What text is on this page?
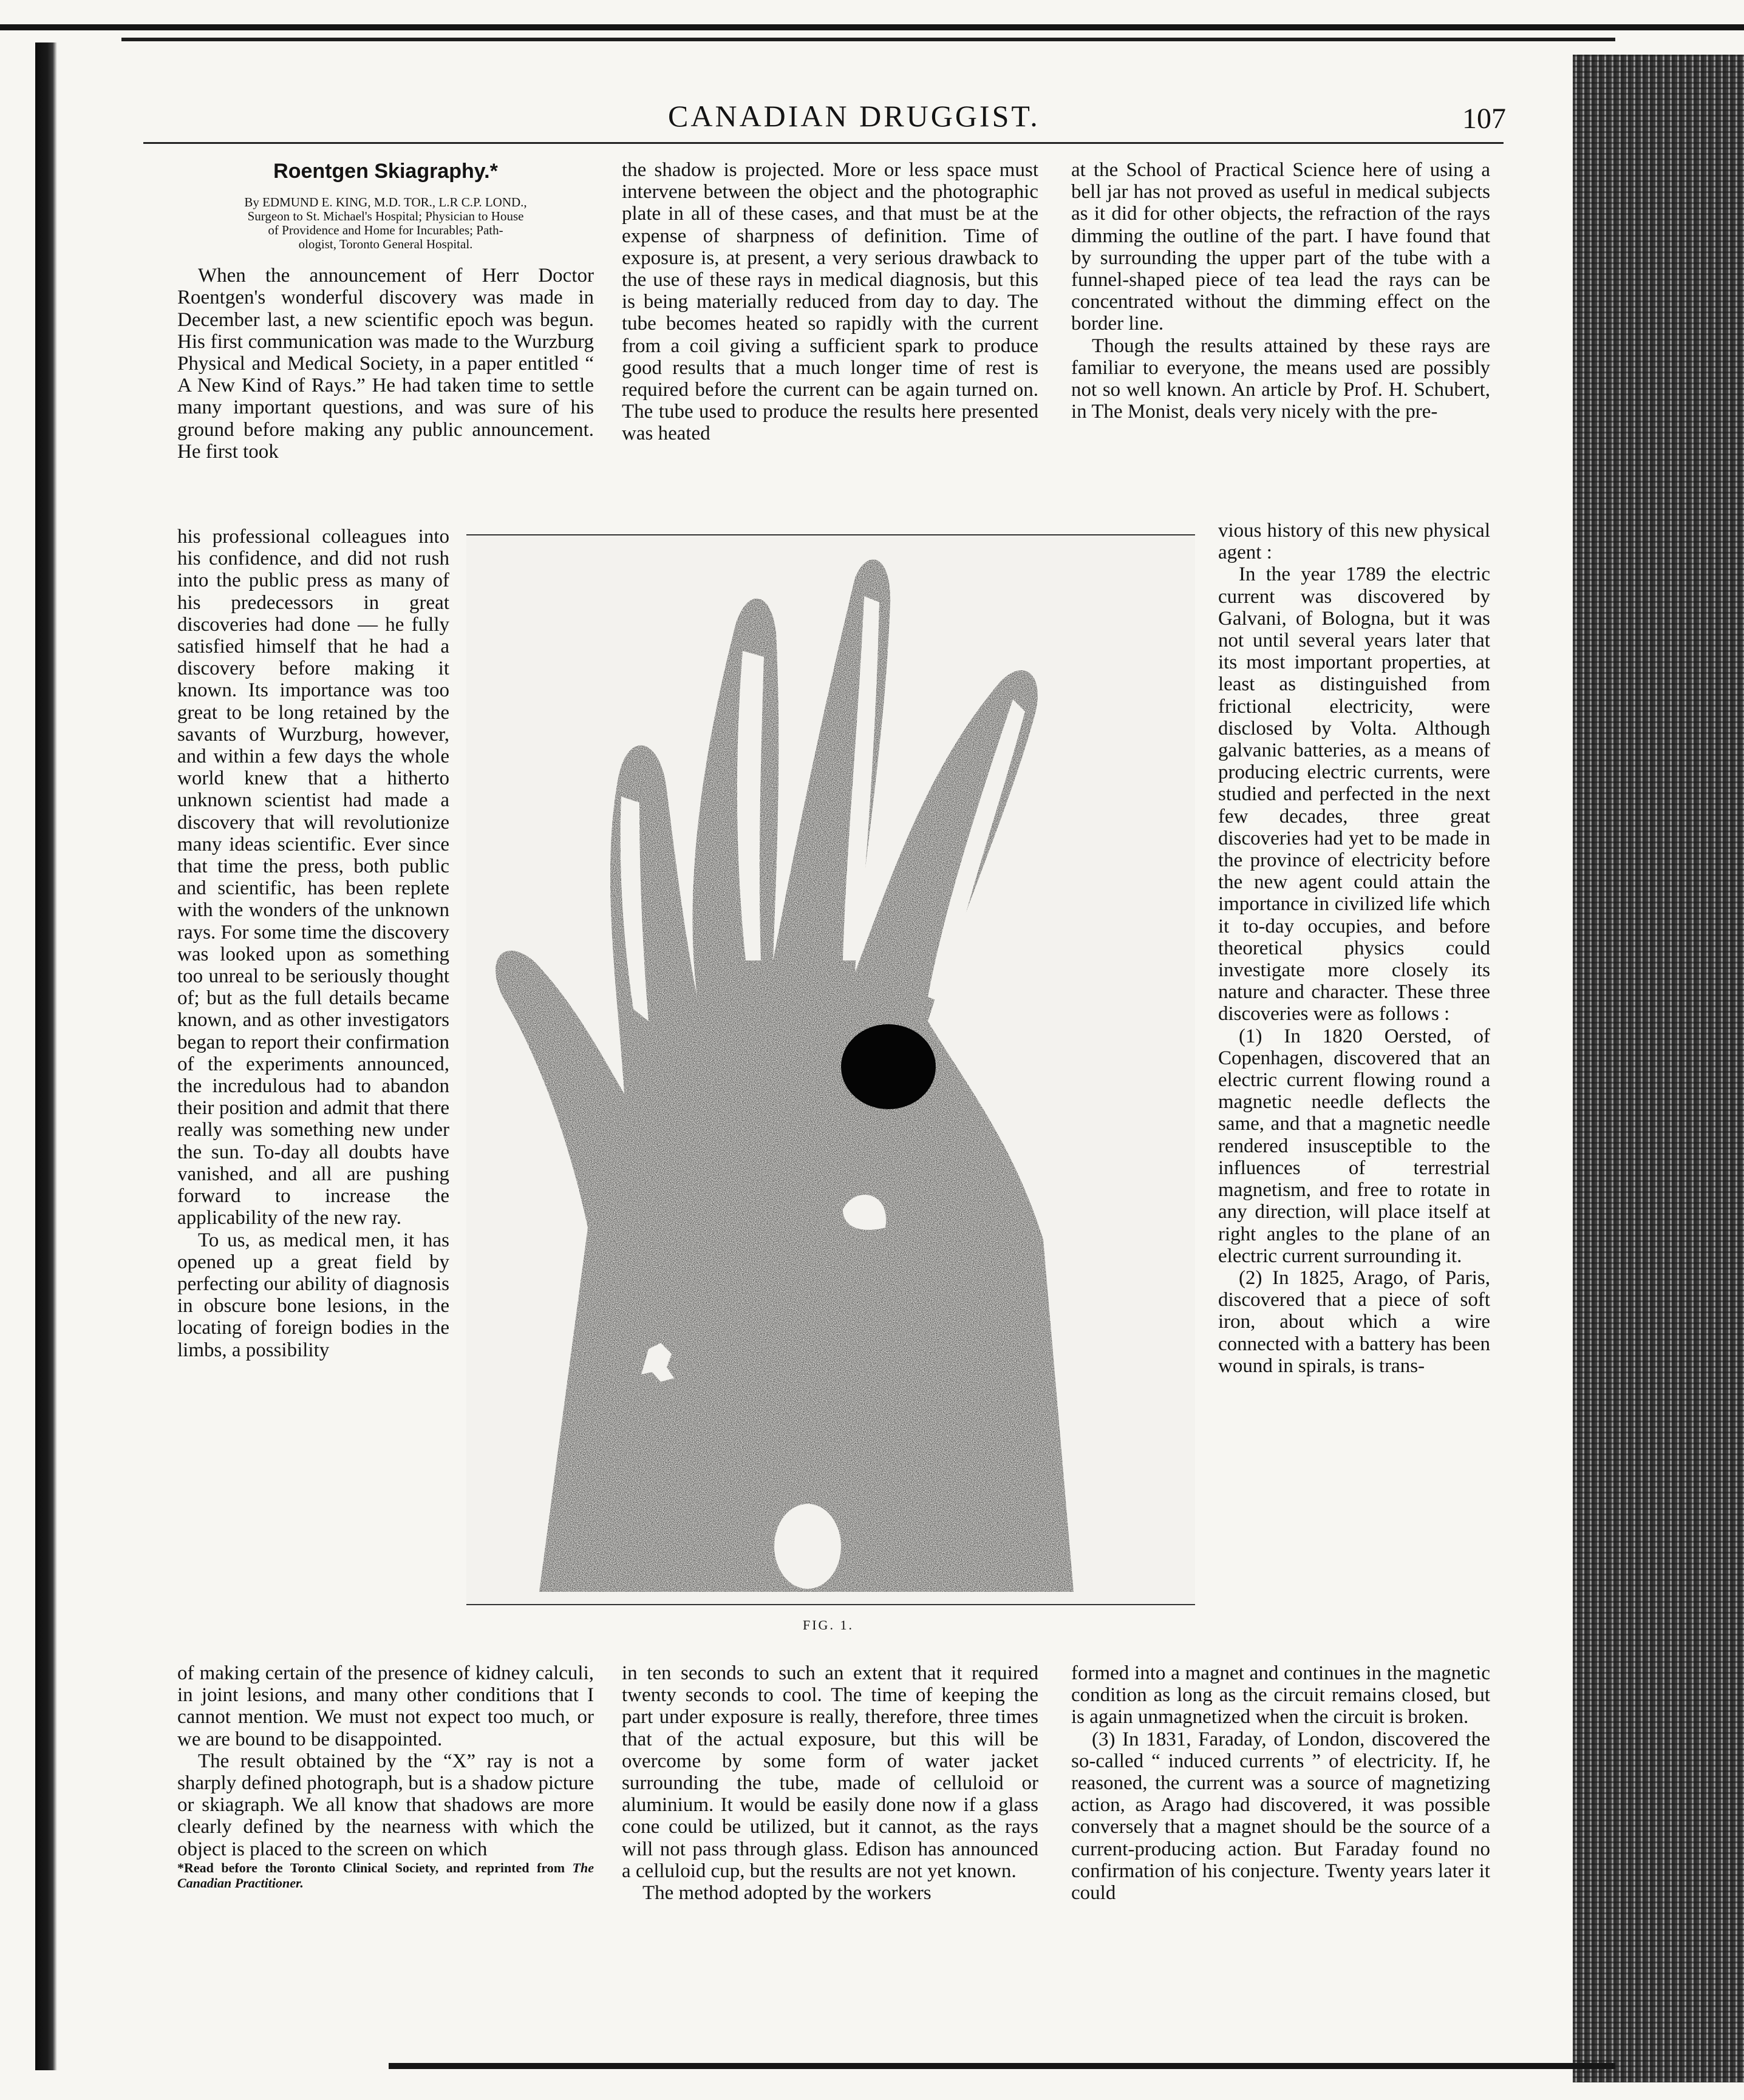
CANADIAN DRUGGIST.	107
Roentgen Skiagraphy.*
By EDMUND E. KING, M.D. TOR., L.R C.P. LOND.,
Surgeon to St. Michael's Hospital; Physician to House
of Providence and Home for Incurables; Path-
ologist, Toronto General Hospital.

When the announcement of Herr Doctor Roentgen's wonderful discovery was made in December last, a new scientific epoch was begun. His first communication was made to the Wurzburg Physical and Medical Society, in a paper entitled “ A New Kind of Rays.” He had taken time to settle many important questions, and was sure of his ground before making any public announcement. He first took

his professional colleagues into his confidence, and did not rush into the public press as many of his predecessors in great discoveries had done — he fully satisfied himself that he had a discovery before making it known. Its importance was too great to be long retained by the savants of Wurzburg, however, and within a few days the whole world knew that a hitherto unknown scientist had made a discovery that will revolutionize many ideas scientific. Ever since that time the press, both public and scientific, has been replete with the wonders of the unknown rays. For some time the discovery was looked upon as something too unreal to be seriously thought of; but as the full details became known, and as other investigators began to report their confirmation of the experiments announced, the incredulous had to abandon their position and admit that there really was something new under the sun. To-day all doubts have vanished, and all are pushing forward to increase the applicability of the new ray.

To us, as medical men, it has opened up a great field by perfecting our ability of diagnosis in obscure bone lesions, in the locating of foreign bodies in the limbs, a possibility

of making certain of the presence of kidney calculi, in joint lesions, and many other conditions that I cannot mention. We must not expect too much, or we are bound to be disappointed.

The result obtained by the “X” ray is not a sharply defined photograph, but is a shadow picture or skiagraph. We all know that shadows are more clearly defined by the nearness with which the object is placed to the screen on which

*Read before the Toronto Clinical Society, and reprinted from The Canadian Practitioner.

the shadow is projected. More or less space must intervene between the object and the photographic plate in all of these cases, and that must be at the expense of sharpness of definition. Time of exposure is, at present, a very serious drawback to the use of these rays in medical diagnosis, but this is being materially reduced from day to day. The tube becomes heated so rapidly with the current from a coil giving a sufficient spark to produce good results that a much longer time of rest is required before the current can be again turned on. The tube used to produce the results here presented was heated

in ten seconds to such an extent that it required twenty seconds to cool. The time of keeping the part under exposure is really, therefore, three times that of the actual exposure, but this will be overcome by some form of water jacket surrounding the tube, made of celluloid or aluminium. It would be easily done now if a glass cone could be utilized, but it cannot, as the rays will not pass through glass. Edison has announced a celluloid cup, but the results are not yet known.

The method adopted by the workers

at the School of Practical Science here of using a bell jar has not proved as useful in medical subjects as it did for other objects, the refraction of the rays dimming the outline of the part. I have found that by surrounding the upper part of the tube with a funnel-shaped piece of tea lead the rays can be concentrated without the dimming effect on the border line.

Though the results attained by these rays are familiar to everyone, the means used are possibly not so well known. An article by Prof. H. Schubert, in The Monist, deals very nicely with the pre-

vious history of this new physical agent :

In the year 1789 the electric current was discovered by Galvani, of Bologna, but it was not until several years later that its most important properties, at least as distinguished from frictional electricity, were disclosed by Volta. Although galvanic batteries, as a means of producing electric currents, were studied and perfected in the next few decades, three great discoveries had yet to be made in the province of electricity before the new agent could attain the importance in civilized life which it to-day occupies, and before theoretical physics could investigate more closely its nature and character. These three discoveries were as follows :

(1) In 1820 Oersted, of Copenhagen, discovered that an electric current flowing round a magnetic needle deflects the same, and that a magnetic needle rendered insusceptible to the influences of terrestrial magnetism, and free to rotate in any direction, will place itself at right angles to the plane of an electric current surrounding it.

(2) In 1825, Arago, of Paris, discovered that a piece of soft iron, about which a wire connected with a battery has been wound in spirals, is trans-

formed into a magnet and continues in the magnetic condition as long as the circuit remains closed, but is again unmagnetized when the circuit is broken.

(3) In 1831, Faraday, of London, discovered the so-called “ induced currents ” of electricity. If, he reasoned, the current was a source of magnetizing action, as Arago had discovered, it was possible conversely that a magnet should be the source of a current-producing action. But Faraday found no confirmation of his conjecture. Twenty years later it could

FIG. 1.
